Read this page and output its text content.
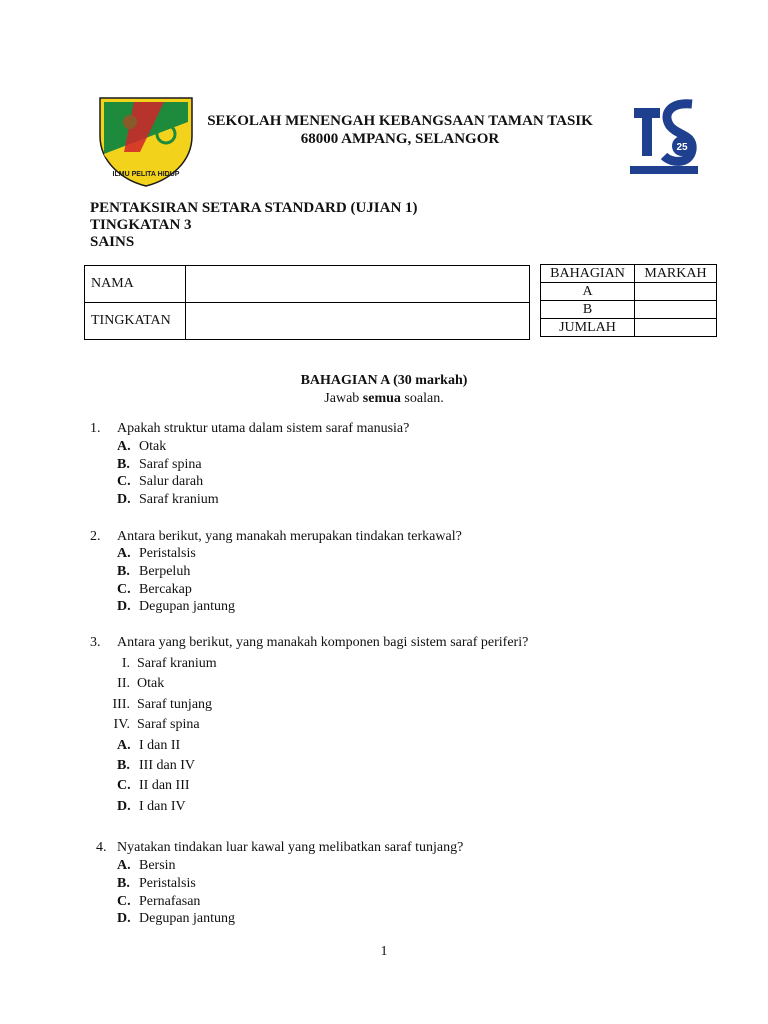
ILMU PELITA HIDUP
25
SEKOLAH MENENGAH KEBANGSAAN TAMAN TASIK
68000 AMPANG, SELANGOR
PENTAKSIRAN SETARA STANDARD (UJIAN 1)
TINGKATAN 3
SAINS
NAMA	
TINGKATAN	
BAHAGIAN	MARKAH
A	
B	
JUMLAH	
BAHAGIAN A (30 markah)
Jawab semua soalan.
1. Apakah struktur utama dalam sistem saraf manusia?
A. Otak
B. Saraf spina
C. Salur darah
D. Saraf kranium
2. Antara berikut, yang manakah merupakan tindakan terkawal?
A. Peristalsis
B. Berpeluh
C. Bercakap
D. Degupan jantung
3. Antara yang berikut, yang manakah komponen bagi sistem saraf periferi?
I. Saraf kranium
II. Otak
III. Saraf tunjang
IV. Saraf spina
A. I dan II
B. III dan IV
C. II dan III
D. I dan IV
4. Nyatakan tindakan luar kawal yang melibatkan saraf tunjang?
A. Bersin
B. Peristalsis
C. Pernafasan
D. Degupan jantung
1
